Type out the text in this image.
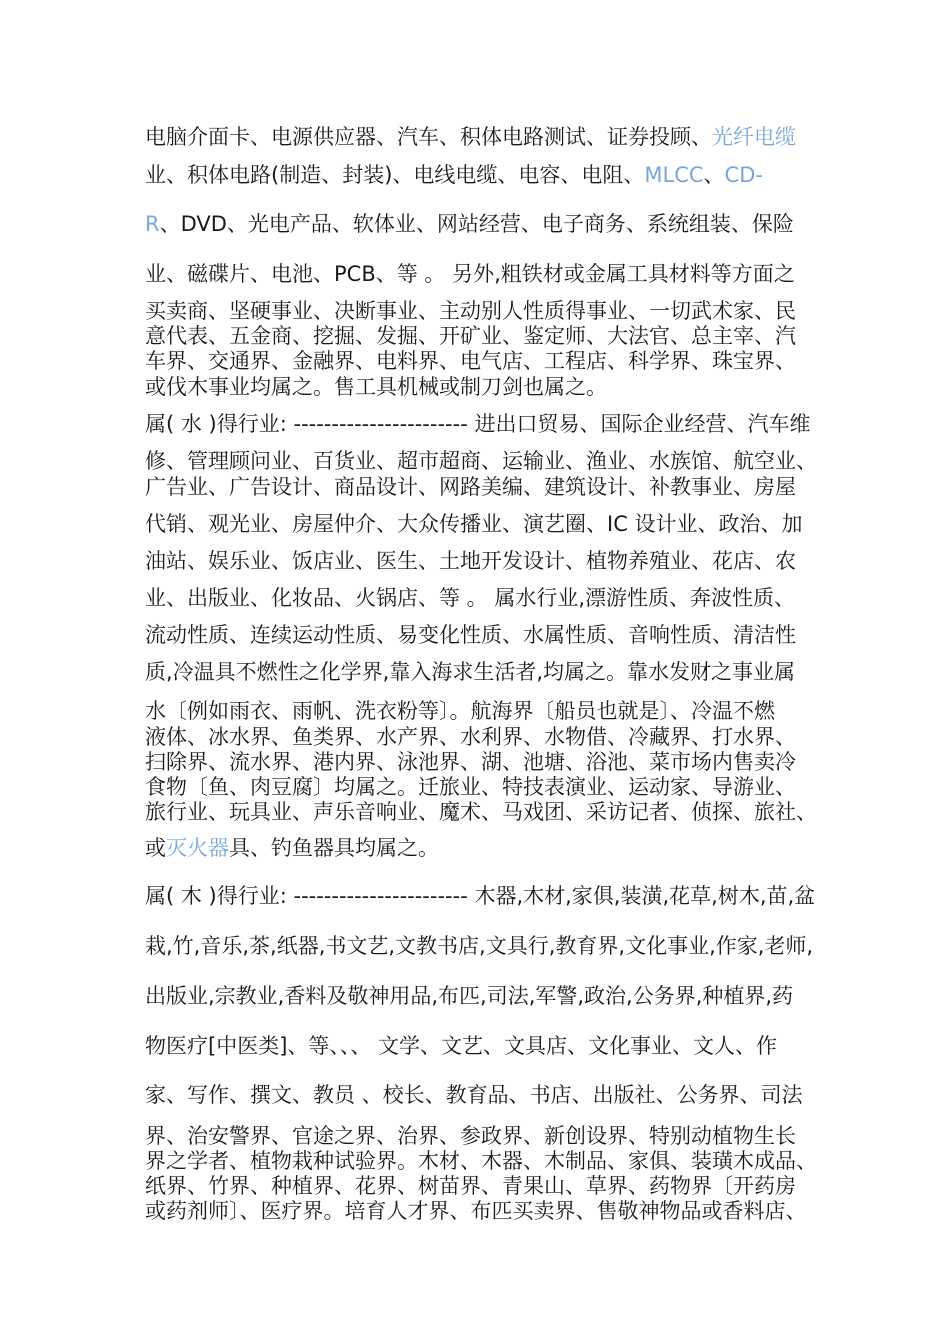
电脑介面卡、电源供应器、汽车、积体电路测试、证券投顾、光纤电缆
业、积体电路(制造、封装)、电线电缆、电容、电阻、MLCC、CD-
R、DVD、光电产品、软体业、网站经营、电子商务、系统组装、保险
业、磁碟片、电池、PCB、等 。 另外,粗铁材或金属工具材料等方面之
买卖商、坚硬事业、决断事业、主动别人性质得事业、一切武术家、民
意代表、五金商、挖掘、发掘、开矿业、鉴定师、大法官、总主宰、汽
车界、交通界、金融界、电料界、电气店、工程店、科学界、珠宝界、
或伐木事业均属之。售工具机械或制刀剑也属之。
属( 水 )得行业: ----------------------- 进出口贸易、国际企业经营、汽车维
修、管理顾问业、百货业、超市超商、运输业、渔业、水族馆、航空业、
广告业、广告设计、商品设计、网路美编、建筑设计、补教事业、房屋
代销、观光业、房屋仲介、大众传播业、演艺圈、IC 设计业、政治、加
油站、娱乐业、饭店业、医生、土地开发设计、植物养殖业、花店、农
业、出版业、化妆品、火锅店、等 。 属水行业,漂游性质、奔波性质、
流动性质、连续运动性质、易变化性质、水属性质、音响性质、清洁性
质,冷温具不燃性之化学界,靠入海求生活者,均属之。靠水发财之事业属
水〔例如雨衣、雨帆、洗衣粉等〕。航海界〔船员也就是〕、冷温不燃
液体、冰水界、鱼类界、水产界、水利界、水物借、冷藏界、打水界、
扫除界、流水界、港内界、泳池界、湖、池塘、浴池、菜市场内售卖冷
食物〔鱼、肉豆腐〕均属之。迁旅业、特技表演业、运动家、导游业、
旅行业、玩具业、声乐音响业、魔术、马戏团、采访记者、侦探、旅社、
或灭火器具、钓鱼器具均属之。
属( 木 )得行业: ----------------------- 木器,木材,家俱,装潢,花草,树木,苗,盆
栽,竹,音乐,茶,纸器,书文艺,文教书店,文具行,教育界,文化事业,作家,老师,
出版业,宗教业,香料及敬神用品,布匹,司法,军警,政治,公务界,种植界,药
物医疗[中医类]、等、、、 文学、文艺、文具店、文化事业、文人、作
家、写作、撰文、教员 、校长、教育品、书店、出版社、公务界、司法
界、治安警界、官途之界、治界、参政界、新创设界、特别动植物生长
界之学者、植物栽种试验界。木材、木器、木制品、家俱、装璜木成品、
纸界、竹界、种植界、花界、树苗界、青果山、草界、药物界〔开药房
或药剂师〕、医疗界。培育人才界、布匹买卖界、售敬神物品或香料店、
